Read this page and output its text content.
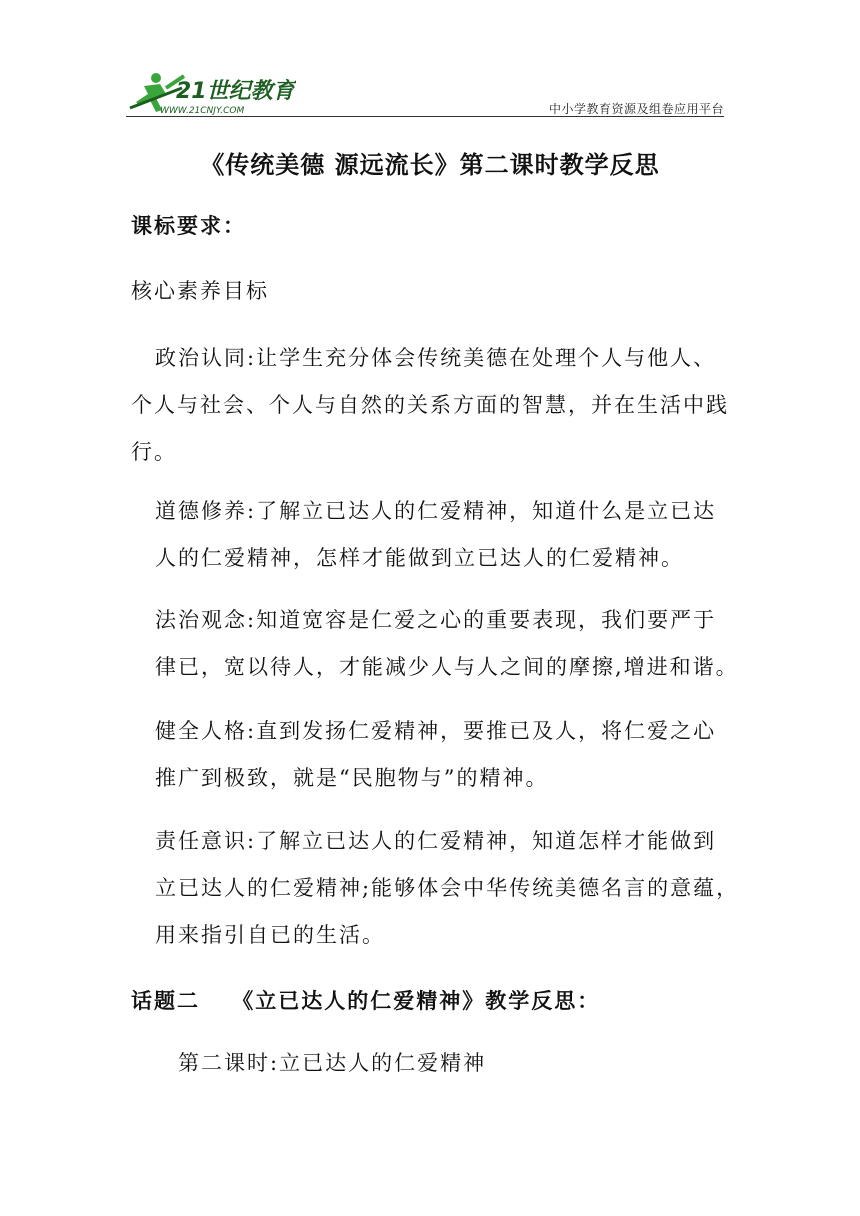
21世纪教育
WWW.21CNJY.COM	中小学教育资源及组卷应用平台
《传统美德 源远流长》第二课时教学反思
课标要求：
核心素养目标
政治认同:让学生充分体会传统美德在处理个人与他人、
个人与社会、个人与自然的关系方面的智慧，并在生活中践
行。
道德修养:了解立已达人的仁爱精神，知道什么是立已达
人的仁爱精神，怎样才能做到立已达人的仁爱精神。
法治观念:知道宽容是仁爱之心的重要表现，我们要严于
律已，宽以待人，才能减少人与人之间的摩擦,增进和谐。
健全人格:直到发扬仁爱精神，要推已及人，将仁爱之心
推广到极致，就是“民胞物与”的精神。
责任意识:了解立已达人的仁爱精神，知道怎样才能做到
立已达人的仁爱精神;能够体会中华传统美德名言的意蕴，
用来指引自已的生活。
话题二　 《立已达人的仁爱精神》教学反思：
第二课时:立已达人的仁爱精神
